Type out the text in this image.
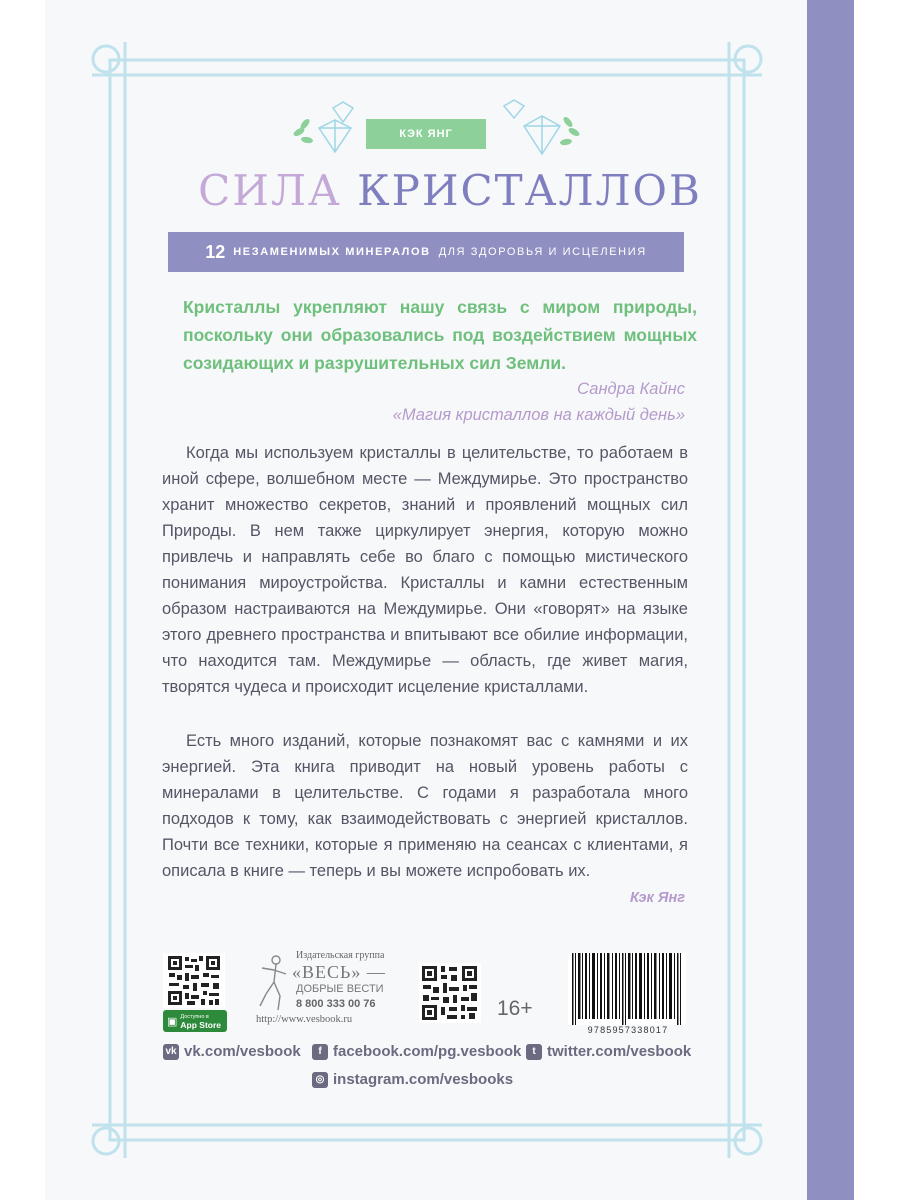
КЭК ЯНГ
СИЛА КРИСТАЛЛОВ
12 НЕЗАМЕНИМЫХ МИНЕРАЛОВ ДЛЯ ЗДОРОВЬЯ И ИСЦЕЛЕНИЯ
Кристаллы укрепляют нашу связь с миром природы, поскольку они образовались под воздействием мощных созидающих и разрушительных сил Земли.
Сандра Кайнс
«Магия кристаллов на каждый день»

Когда мы используем кристаллы в целительстве, то работаем в иной сфере, волшебном месте — Междумирье. Это пространство хранит множество секретов, знаний и проявлений мощных сил Природы. В нем также циркулирует энергия, которую можно привлечь и направлять себе во благо с помощью мистического понимания мироустройства. Кристаллы и камни естественным образом настраиваются на Междумирье. Они «говорят» на языке этого древнего пространства и впитывают все обилие информации, что находится там. Междумирье — область, где живет магия, творятся чудеса и происходит исцеление кристаллами.

Есть много изданий, которые познакомят вас с камнями и их энергией. Эта книга приводит на новый уровень работы с минералами в целительстве. С годами я разработала много подходов к тому, как взаимодействовать с энергией кристаллов. Почти все техники, которые я применяю на сеансах с клиентами, я описала в книге — теперь и вы можете испробовать их.

Кэк Янг
▣ Доступно в
App Store
Издательская группа
«ВЕСЬ» —
ДОБРЫЕ ВЕСТИ
8 800 333 00 76
http://www.vesbook.ru	16+
9785957338017
vk vk.com/vesbook	f facebook.com/pg.vesbook	t twitter.com/vesbook
◎ instagram.com/vesbooks
